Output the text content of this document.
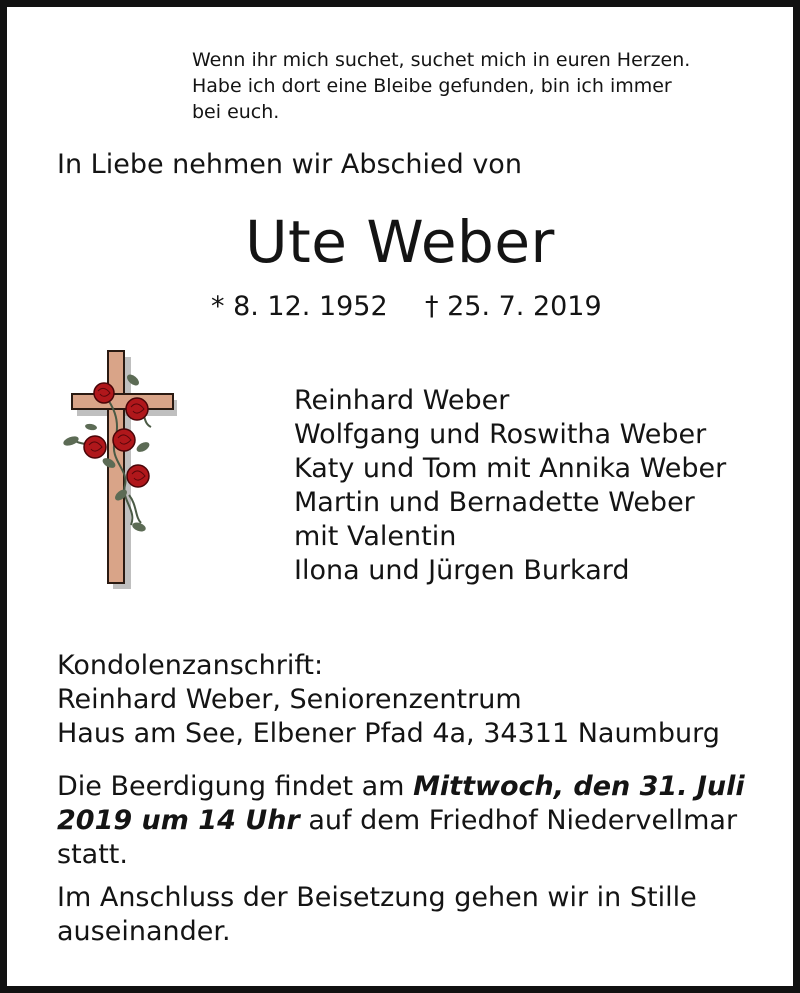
Wenn ihr mich suchet, suchet mich in euren Herzen.
Habe ich dort eine Bleibe gefunden, bin ich immer
bei euch.
In Liebe nehmen wir Abschied von
Ute Weber
* 8. 12. 1952 † 25. 7. 2019
Reinhard Weber
Wolfgang und Roswitha Weber
Katy und Tom mit Annika Weber
Martin und Bernadette Weber
mit Valentin
Ilona und Jürgen Burkard
Kondolenzanschrift:
Reinhard Weber, Seniorenzentrum
Haus am See, Elbener Pfad 4a, 34311 Naumburg
Die Beerdigung findet am Mittwoch, den 31. Juli
2019 um 14 Uhr auf dem Friedhof Niedervellmar
statt.
Im Anschluss der Beisetzung gehen wir in Stille
auseinander.
